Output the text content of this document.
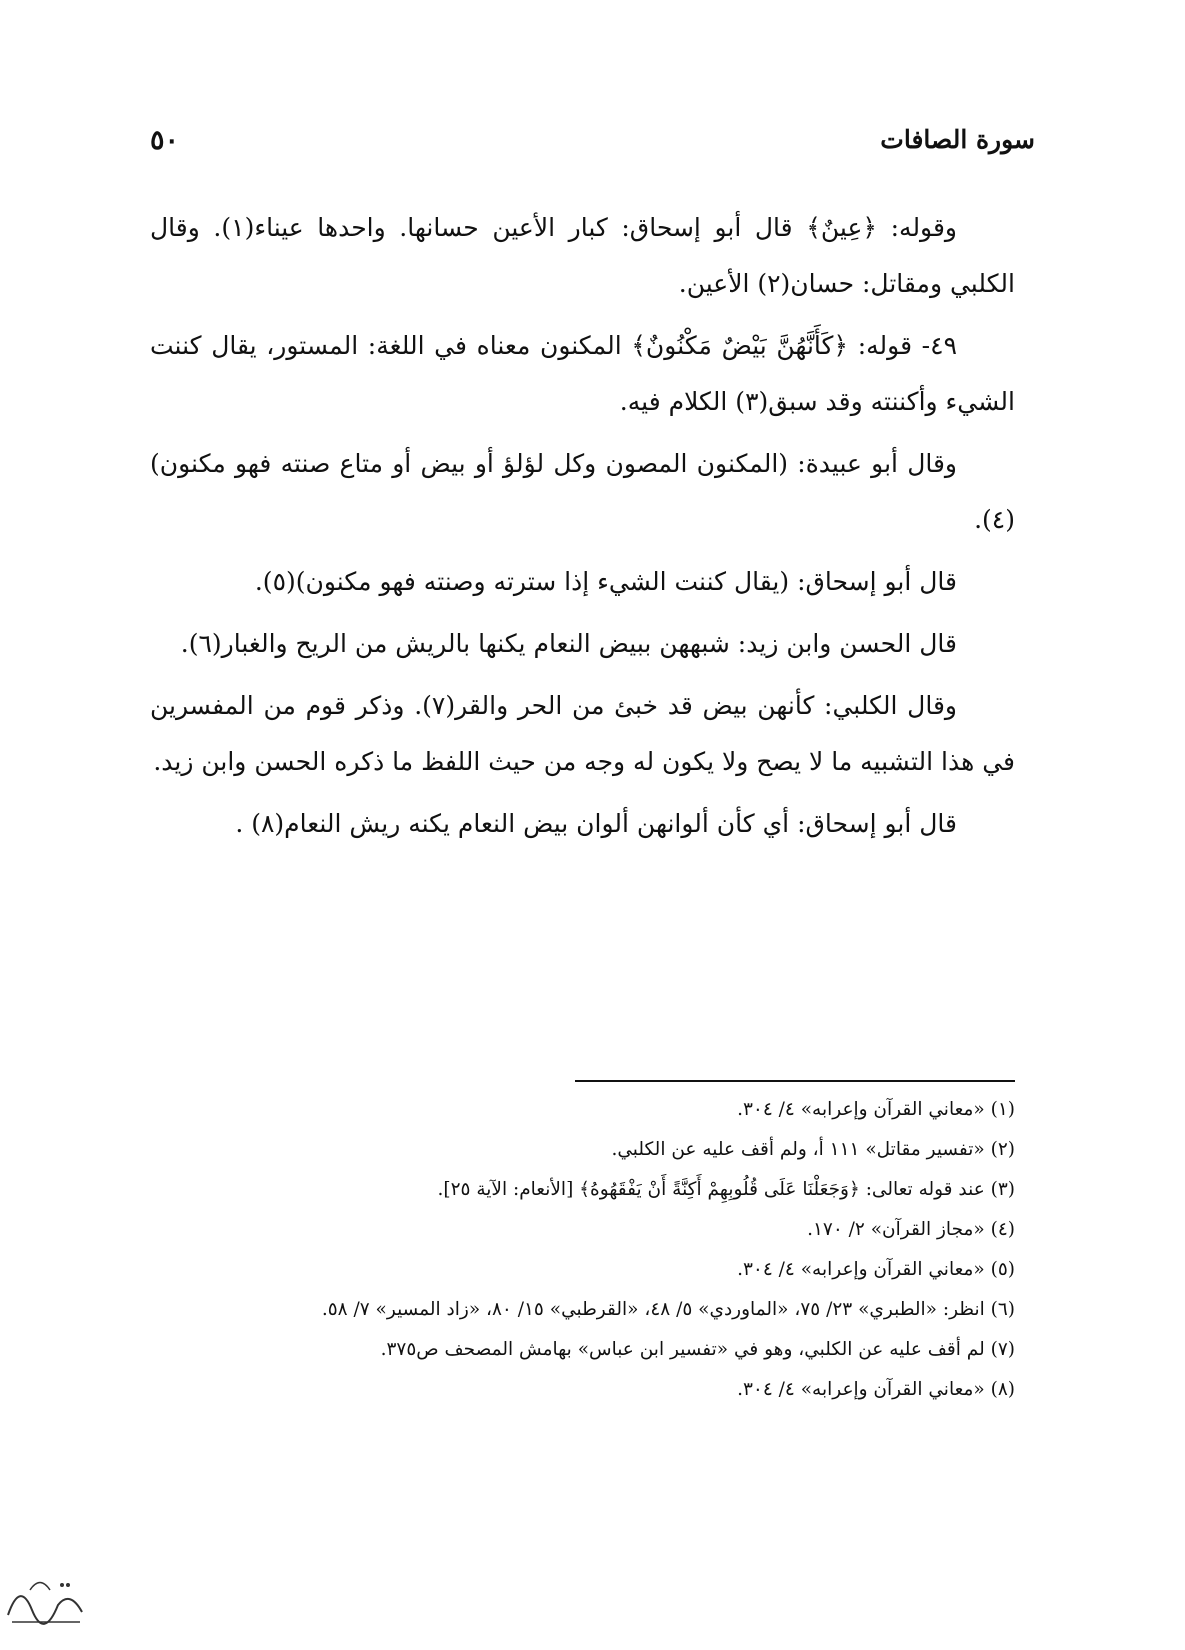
سورة الصافات
٥٠

وقوله: ﴿عِينٌ﴾ قال أبو إسحاق: كبار الأعين حسانها. واحدها عيناء(١). وقال الكلبي ومقاتل: حسان(٢) الأعين.

٤٩- قوله: ﴿كَأَنَّهُنَّ بَيْضٌ مَكْنُونٌ﴾ المكنون معناه في اللغة: المستور، يقال كننت الشيء وأكننته وقد سبق(٣) الكلام فيه.

وقال أبو عبيدة: (المكنون المصون وكل لؤلؤ أو بيض أو متاع صنته فهو مكنون)(٤).

قال أبو إسحاق: (يقال كننت الشيء إذا سترته وصنته فهو مكنون)(٥).

قال الحسن وابن زيد: شبههن ببيض النعام يكنها بالريش من الريح والغبار(٦).

وقال الكلبي: كأنهن بيض قد خبئ من الحر والقر(٧). وذكر قوم من المفسرين في هذا التشبيه ما لا يصح ولا يكون له وجه من حيث اللفظ ما ذكره الحسن وابن زيد.

قال أبو إسحاق: أي كأن ألوانهن ألوان بيض النعام يكنه ريش النعام(٨) .

(١) «معاني القرآن وإعرابه» ٤/ ٣٠٤.

(٢) «تفسير مقاتل» ١١١ أ، ولم أقف عليه عن الكلبي.

(٣) عند قوله تعالى: ﴿وَجَعَلْنَا عَلَى قُلُوبِهِمْ أَكِنَّةً أَنْ يَفْقَهُوهُ﴾ [الأنعام: الآية ٢٥].

(٤) «مجاز القرآن» ٢/ ١٧٠.

(٥) «معاني القرآن وإعرابه» ٤/ ٣٠٤.

(٦) انظر: «الطبري» ٢٣/ ٧٥، «الماوردي» ٥/ ٤٨، «القرطبي» ١٥/ ٨٠، «زاد المسير» ٧/ ٥٨.

(٧) لم أقف عليه عن الكلبي، وهو في «تفسير ابن عباس» بهامش المصحف ص٣٧٥.

(٨) «معاني القرآن وإعرابه» ٤/ ٣٠٤.
